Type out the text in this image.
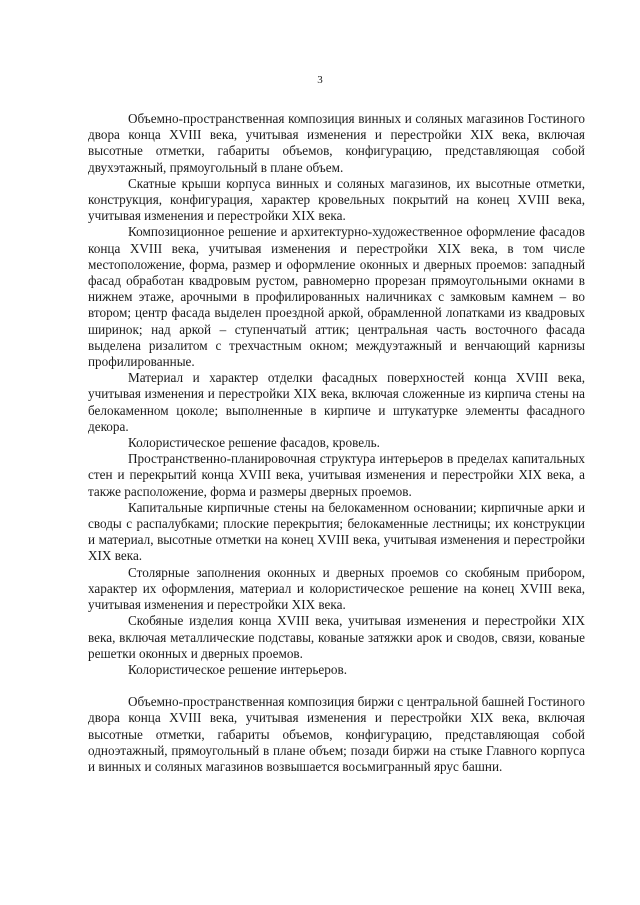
3

Объемно-пространственная композиция винных и соляных магазинов Гостиного двора конца XVIII века, учитывая изменения и перестройки XIX века, включая высотные отметки, габариты объемов, конфигурацию, представляющая собой двухэтажный, прямоугольный в плане объем.

Скатные крыши корпуса винных и соляных магазинов, их высотные отметки, конструкция, конфигурация, характер кровельных покрытий на конец XVIII века, учитывая изменения и перестройки XIX века.

Композиционное решение и архитектурно-художественное оформление фасадов конца XVIII века, учитывая изменения и перестройки XIX века, в том числе местоположение, форма, размер и оформление оконных и дверных проемов: западный фасад обработан квадровым рустом, равномерно прорезан прямоугольными окнами в нижнем этаже, арочными в профилированных наличниках с замковым камнем – во втором; центр фасада выделен проездной аркой, обрамленной лопатками из квадровых ширинок; над аркой – ступенчатый аттик; центральная часть восточного фасада выделена ризалитом с трехчастным окном; междуэтажный и венчающий карнизы профилированные.

Материал и характер отделки фасадных поверхностей конца XVIII века, учитывая изменения и перестройки XIX века, включая сложенные из кирпича стены на белокаменном цоколе; выполненные в кирпиче и штукатурке элементы фасадного декора.

Колористическое решение фасадов, кровель.

Пространственно-планировочная структура интерьеров в пределах капитальных стен и перекрытий конца XVIII века, учитывая изменения и перестройки XIX века, а также расположение, форма и размеры дверных проемов.

Капитальные кирпичные стены на белокаменном основании; кирпичные арки и своды с распалубками; плоские перекрытия; белокаменные лестницы; их конструкции и материал, высотные отметки на конец XVIII века, учитывая изменения и перестройки XIX века.

Столярные заполнения оконных и дверных проемов со скобяным прибором, характер их оформления, материал и колористическое решение на конец XVIII века, учитывая изменения и перестройки XIX века.

Скобяные изделия конца XVIII века, учитывая изменения и перестройки XIX века, включая металлические подставы, кованые затяжки арок и сводов, связи, кованые решетки оконных и дверных проемов.

Колористическое решение интерьеров.

Объемно-пространственная композиция биржи с центральной башней Гостиного двора конца XVIII века, учитывая изменения и перестройки XIX века, включая высотные отметки, габариты объемов, конфигурацию, представляющая собой одноэтажный, прямоугольный в плане объем; позади биржи на стыке Главного корпуса и винных и соляных магазинов возвышается восьмигранный ярус башни.
